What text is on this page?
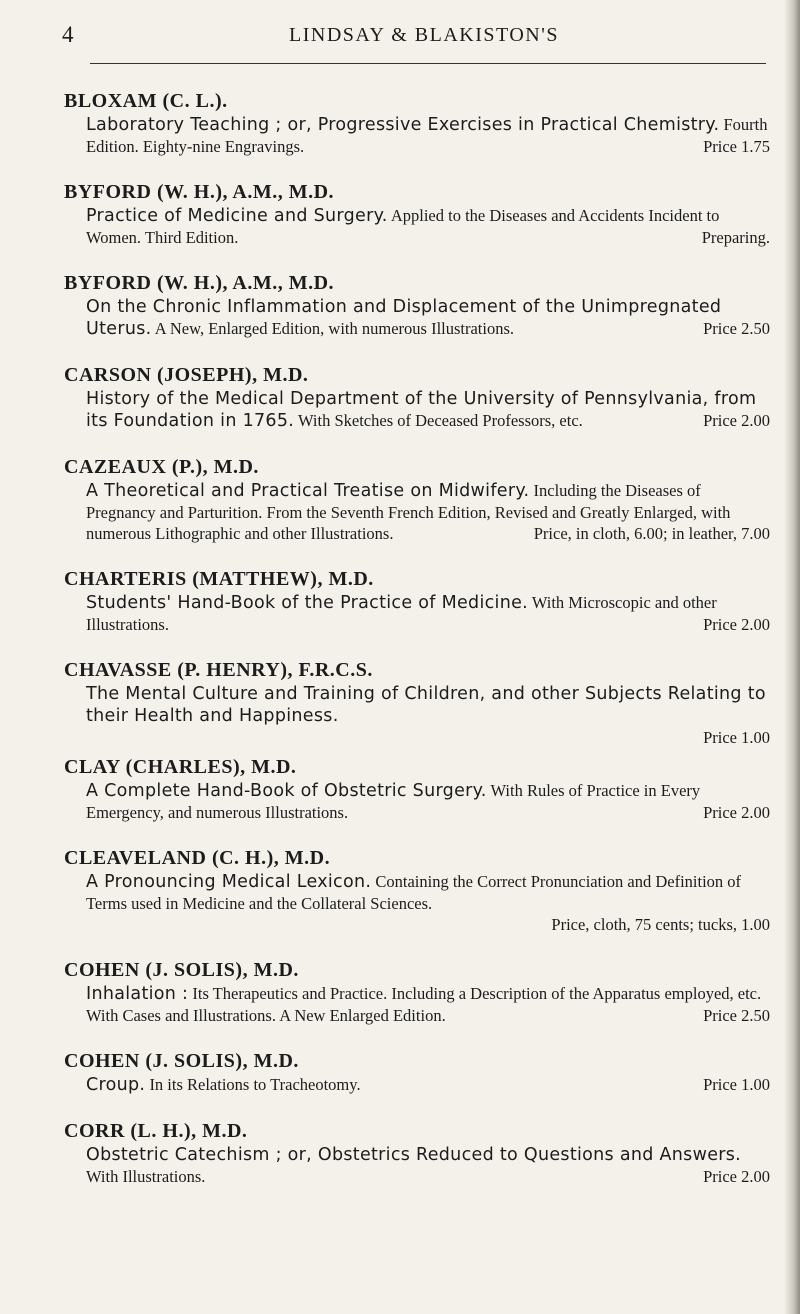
4	LINDSAY & BLAKISTON'S
BLOXAM (C. L.).
Laboratory Teaching ; or, Progressive Exercises in Practical Chemistry. Fourth Edition. Eighty-nine Engravings.	Price 1.75
BYFORD (W. H.), A.M., M.D.
Practice of Medicine and Surgery. Applied to the Diseases and Accidents Incident to Women. Third Edition.	Preparing.
BYFORD (W. H.), A.M., M.D.
On the Chronic Inflammation and Displacement of the Unimpregnated Uterus. A New, Enlarged Edition, with numerous Illustrations.	Price 2.50
CARSON (JOSEPH), M.D.
History of the Medical Department of the University of Pennsylvania, from its Foundation in 1765. With Sketches of Deceased Professors, etc.	Price 2.00
CAZEAUX (P.), M.D.
A Theoretical and Practical Treatise on Midwifery. Including the Diseases of Pregnancy and Parturition. From the Seventh French Edition, Revised and Greatly Enlarged, with numerous Lithographic and other Illustrations.	Price, in cloth, 6.00; in leather, 7.00
CHARTERIS (MATTHEW), M.D.
Students' Hand-Book of the Practice of Medicine. With Microscopic and other Illustrations.	Price 2.00
CHAVASSE (P. HENRY), F.R.C.S.
The Mental Culture and Training of Children, and other Subjects Relating to their Health and Happiness.
Price 1.00
CLAY (CHARLES), M.D.
A Complete Hand-Book of Obstetric Surgery. With Rules of Practice in Every Emergency, and numerous Illustrations.	Price 2.00
CLEAVELAND (C. H.), M.D.
A Pronouncing Medical Lexicon. Containing the Correct Pronunciation and Definition of Terms used in Medicine and the Collateral Sciences.
Price, cloth, 75 cents; tucks, 1.00
COHEN (J. SOLIS), M.D.
Inhalation : Its Therapeutics and Practice. Including a Description of the Apparatus employed, etc. With Cases and Illustrations. A New Enlarged Edition.	Price 2.50
COHEN (J. SOLIS), M.D.
Croup. In its Relations to Tracheotomy.	Price 1.00
CORR (L. H.), M.D.
Obstetric Catechism ; or, Obstetrics Reduced to Questions and Answers. With Illustrations.	Price 2.00
